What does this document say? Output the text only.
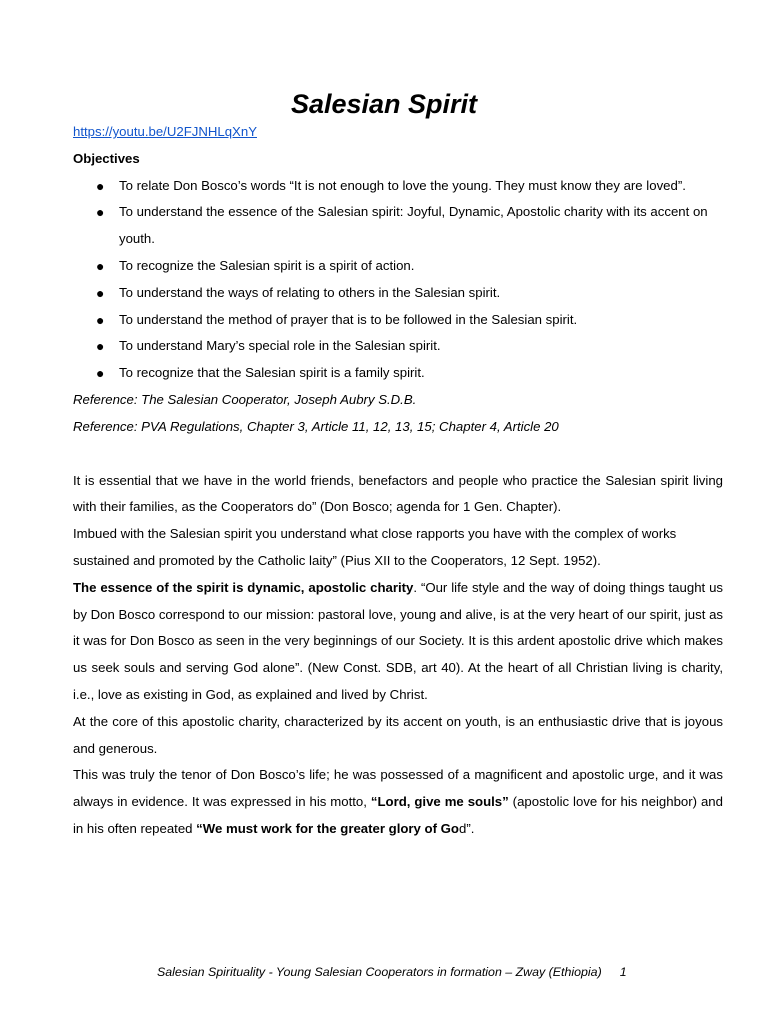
Salesian Spirit
https://youtu.be/U2FJNHLqXnY
Objectives
● To relate Don Bosco’s words “It is not enough to love the young. They must know they are loved”.
● To understand the essence of the Salesian spirit: Joyful, Dynamic, Apostolic charity with its accent on youth.
● To recognize the Salesian spirit is a spirit of action.
● To understand the ways of relating to others in the Salesian spirit.
● To understand the method of prayer that is to be followed in the Salesian spirit.
● To understand Mary’s special role in the Salesian spirit.
● To recognize that the Salesian spirit is a family spirit.
Reference: The Salesian Cooperator, Joseph Aubry S.D.B.
Reference: PVA Regulations, Chapter 3, Article 11, 12, 13, 15; Chapter 4, Article 20
It is essential that we have in the world friends, benefactors and people who practice the Salesian spirit living with their families, as the Cooperators do” (Don Bosco; agenda for 1 Gen. Chapter).
Imbued with the Salesian spirit you understand what close rapports you have with the complex of works sustained and promoted by the Catholic laity” (Pius XII to the Cooperators, 12 Sept. 1952).
The essence of the spirit is dynamic, apostolic charity. “Our life style and the way of doing things taught us by Don Bosco correspond to our mission: pastoral love, young and alive, is at the very heart of our spirit, just as it was for Don Bosco as seen in the very beginnings of our Society. It is this ardent apostolic drive which makes us seek souls and serving God alone”. (New Const. SDB, art 40). At the heart of all Christian living is charity, i.e., love as existing in God, as explained and lived by Christ.
At the core of this apostolic charity, characterized by its accent on youth, is an enthusiastic drive that is joyous and generous.
This was truly the tenor of Don Bosco’s life; he was possessed of a magnificent and apostolic urge, and it was always in evidence. It was expressed in his motto, “Lord, give me souls” (apostolic love for his neighbor) and in his often repeated “We must work for the greater glory of God”.
Salesian Spirituality - Young Salesian Cooperators in formation – Zway (Ethiopia) 1
